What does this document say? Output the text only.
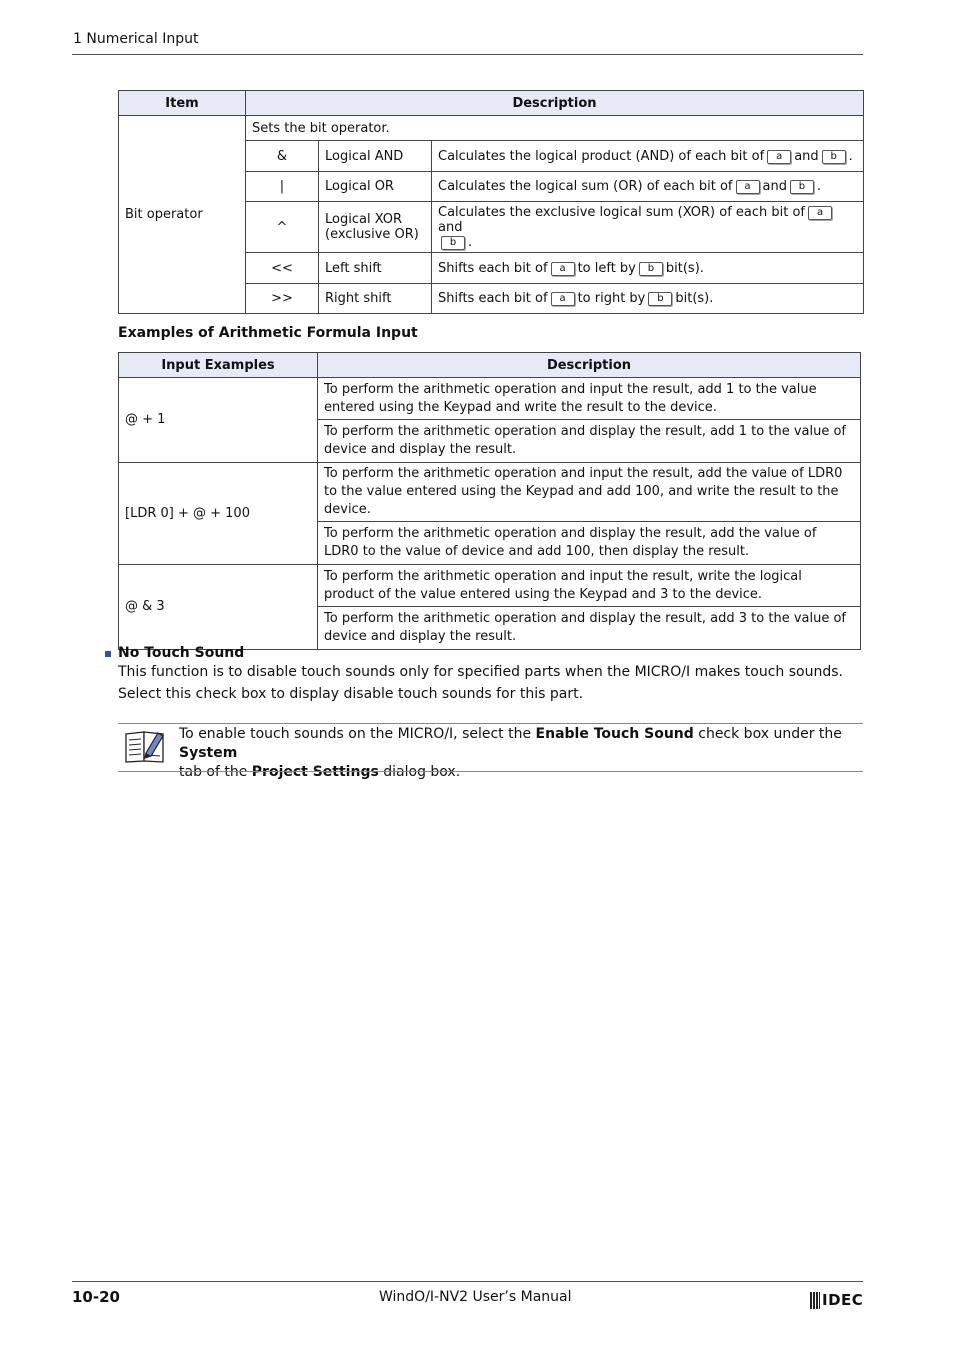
1 Numerical Input
Item	Description		
Bit operator	Sets the bit operator.		
	&	Logical AND	Calculates the logical product (AND) of each bit of a and b .
	|	Logical OR	Calculates the logical sum (OR) of each bit of a and b .
	^	Logical XOR (exclusive OR)	Calculates the exclusive logical sum (XOR) of each bit of aand
b .
	<<	Left shift	Shifts each bit of a to left by b bit(s).
	>>	Right shift	Shifts each bit of a to right by b bit(s).
Examples of Arithmetic Formula Input
Input Examples	Description
@ + 1	To perform the arithmetic operation and input the result, add 1 to the value entered using the Keypad and write the result to the device.
	To perform the arithmetic operation and display the result, add 1 to the value of device and display the result.
[LDR 0] + @ + 100	To perform the arithmetic operation and input the result, add the value of LDR0 to the value entered using the Keypad and add 100, and write the result to the device.
	To perform the arithmetic operation and display the result, add the value of LDR0 to the value of device and add 100, then display the result.
@ & 3	To perform the arithmetic operation and input the result, write the logical product of the value entered using the Keypad and 3 to the device.
	To perform the arithmetic operation and display the result, add 3 to the value of device and display the result.
No Touch Sound
This function is to disable touch sounds only for specified parts when the MICRO/I makes touch sounds.
Select this check box to display disable touch sounds for this part.
To enable touch sounds on the MICRO/I, select the Enable Touch Sound check box under the System
tab of the Project Settings dialog box.
10-20	WindO/I-NV2 User’s Manual	IDEC
